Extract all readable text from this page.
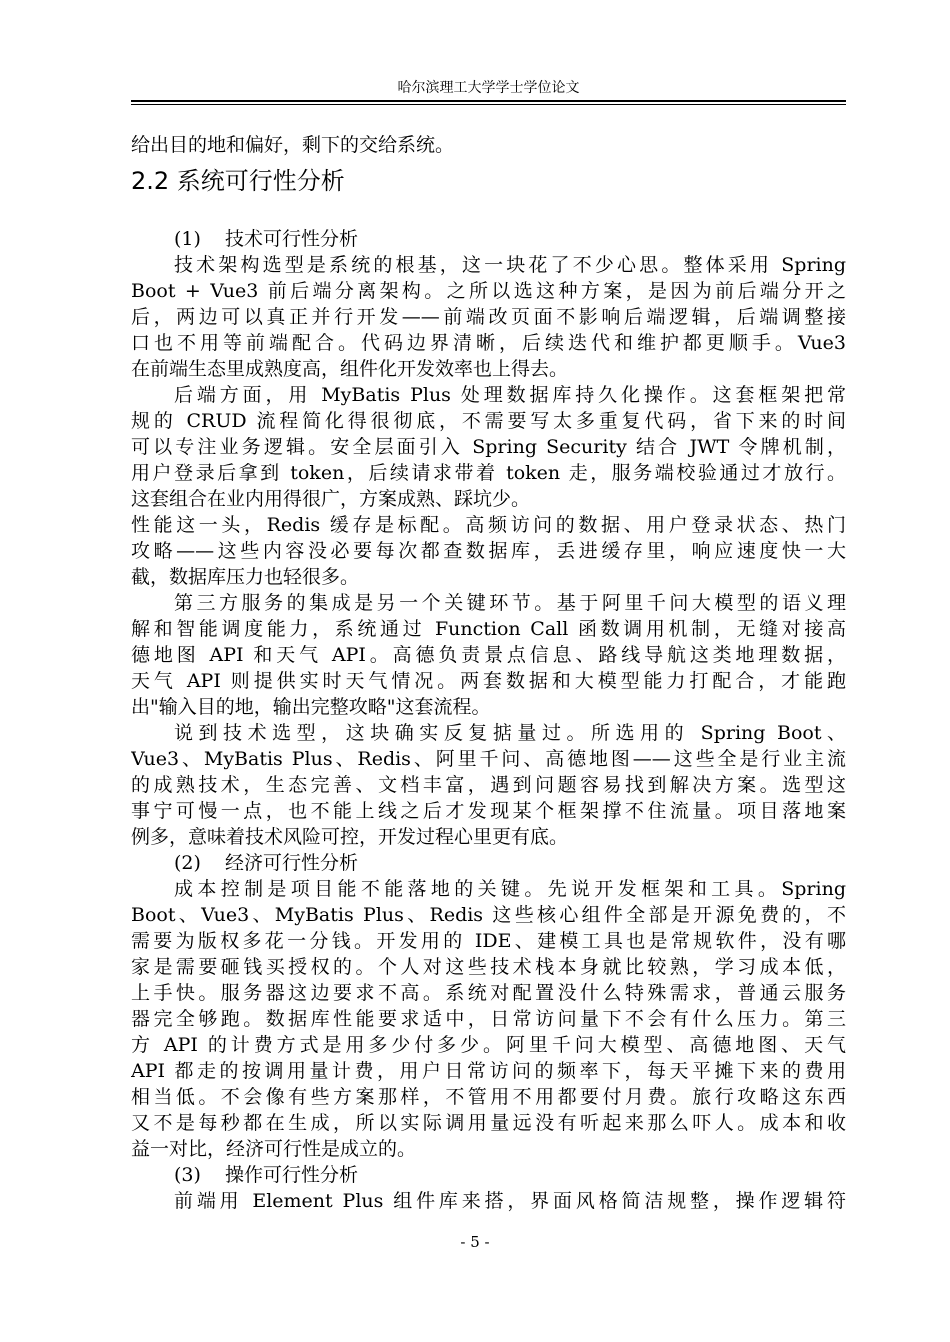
哈尔滨理工大学学士学位论文
给出目的地和偏好，剩下的交给系统。
2.2 系统可行性分析
(1) 技术可行性分析
技术架构选型是系统的根基，这一块花了不少心思。整体采用 Spring
Boot + Vue3 前后端分离架构。之所以选这种方案，是因为前后端分开之
后，两边可以真正并行开发——前端改页面不影响后端逻辑，后端调整接
口也不用等前端配合。代码边界清晰，后续迭代和维护都更顺手。Vue3
在前端生态里成熟度高，组件化开发效率也上得去。
后端方面，用 MyBatis Plus 处理数据库持久化操作。这套框架把常
规的 CRUD 流程简化得很彻底，不需要写太多重复代码，省下来的时间
可以专注业务逻辑。安全层面引入 Spring Security 结合 JWT 令牌机制，
用户登录后拿到 token，后续请求带着 token 走，服务端校验通过才放行。
这套组合在业内用得很广，方案成熟、踩坑少。
性能这一头，Redis 缓存是标配。高频访问的数据、用户登录状态、热门
攻略——这些内容没必要每次都查数据库，丢进缓存里，响应速度快一大
截，数据库压力也轻很多。
第三方服务的集成是另一个关键环节。基于阿里千问大模型的语义理
解和智能调度能力，系统通过 Function Call 函数调用机制，无缝对接高
德地图 API 和天气 API。高德负责景点信息、路线导航这类地理数据，
天气 API 则提供实时天气情况。两套数据和大模型能力打配合，才能跑
出"输入目的地，输出完整攻略"这套流程。
说到技术选型，这块确实反复掂量过。所选用的 Spring Boot、
Vue3、MyBatis Plus、Redis、阿里千问、高德地图——这些全是行业主流
的成熟技术，生态完善、文档丰富，遇到问题容易找到解决方案。选型这
事宁可慢一点，也不能上线之后才发现某个框架撑不住流量。项目落地案
例多，意味着技术风险可控，开发过程心里更有底。
(2) 经济可行性分析
成本控制是项目能不能落地的关键。先说开发框架和工具。Spring
Boot、Vue3、MyBatis Plus、Redis 这些核心组件全部是开源免费的，不
需要为版权多花一分钱。开发用的 IDE、建模工具也是常规软件，没有哪
家是需要砸钱买授权的。个人对这些技术栈本身就比较熟，学习成本低，
上手快。服务器这边要求不高。系统对配置没什么特殊需求，普通云服务
器完全够跑。数据库性能要求适中，日常访问量下不会有什么压力。第三
方 API 的计费方式是用多少付多少。阿里千问大模型、高德地图、天气
API 都走的按调用量计费，用户日常访问的频率下，每天平摊下来的费用
相当低。不会像有些方案那样，不管用不用都要付月费。旅行攻略这东西
又不是每秒都在生成，所以实际调用量远没有听起来那么吓人。成本和收
益一对比，经济可行性是成立的。
(3) 操作可行性分析
前端用 Element Plus 组件库来搭，界面风格简洁规整，操作逻辑符
- 5 -
